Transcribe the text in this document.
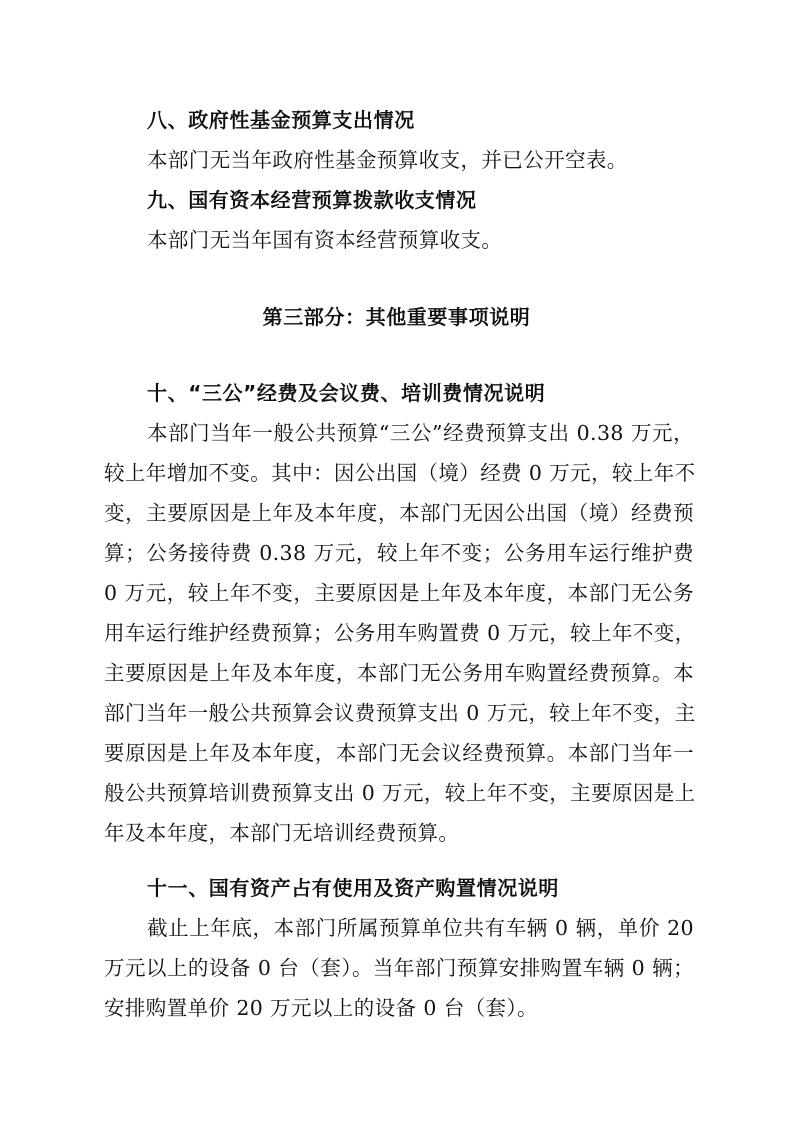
八、政府性基金预算支出情况
本部门无当年政府性基金预算收支，并已公开空表。
九、国有资本经营预算拨款收支情况
本部门无当年国有资本经营预算收支。
第三部分：其他重要事项说明
十、“三公”经费及会议费、培训费情况说明
本部门当年一般公共预算“三公”经费预算支出 0.38 万元，
较上年增加不变。其中：因公出国（境）经费 0 万元，较上年不
变，主要原因是上年及本年度，本部门无因公出国（境）经费预
算；公务接待费 0.38 万元，较上年不变；公务用车运行维护费
0 万元，较上年不变，主要原因是上年及本年度，本部门无公务
用车运行维护经费预算；公务用车购置费 0 万元，较上年不变，
主要原因是上年及本年度，本部门无公务用车购置经费预算。本
部门当年一般公共预算会议费预算支出 0 万元，较上年不变，主
要原因是上年及本年度，本部门无会议经费预算。本部门当年一
般公共预算培训费预算支出 0 万元，较上年不变，主要原因是上
年及本年度，本部门无培训经费预算。
十一、国有资产占有使用及资产购置情况说明
截止上年底，本部门所属预算单位共有车辆 0 辆，单价 20
万元以上的设备 0 台（套）。当年部门预算安排购置车辆 0 辆；
安排购置单价 20 万元以上的设备 0 台（套）。
